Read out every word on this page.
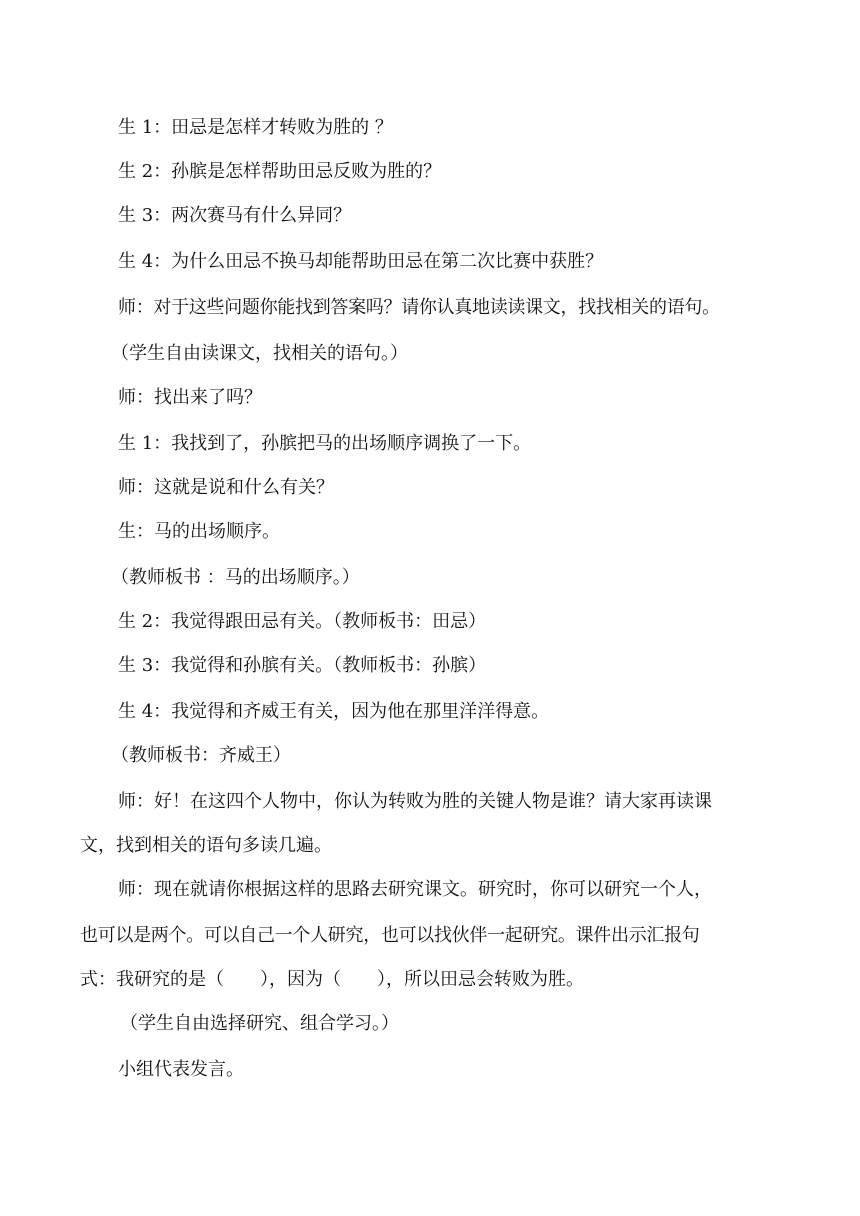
生 1：田忌是怎样才转败为胜的 ？
生 2：孙膑是怎样帮助田忌反败为胜的？
生 3：两次赛马有什么异同？
生 4：为什么田忌不换马却能帮助田忌在第二次比赛中获胜？
师：对于这些问题你能找到答案吗？请你认真地读读课文，找找相关的语句。
（学生自由读课文，找相关的语句。）
师：找出来了吗？
生 1：我找到了，孙膑把马的出场顺序调换了一下。
师：这就是说和什么有关？
生：马的出场顺序。
（教师板书 ：马的出场顺序。）
生 2：我觉得跟田忌有关。（教师板书：田忌）
生 3：我觉得和孙膑有关。（教师板书：孙膑）
生 4：我觉得和齐威王有关，因为他在那里洋洋得意。
（教师板书：齐威王）
师：好！在这四个人物中，你认为转败为胜的关键人物是谁？请大家再读课
文，找到相关的语句多读几遍。
师：现在就请你根据这样的思路去研究课文。研究时，你可以研究一个人，
也可以是两个。可以自己一个人研究，也可以找伙伴一起研究。课件出示汇报句
式：我研究的是（　　），因为（　　），所以田忌会转败为胜。
（学生自由选择研究、组合学习。）
小组代表发言。
